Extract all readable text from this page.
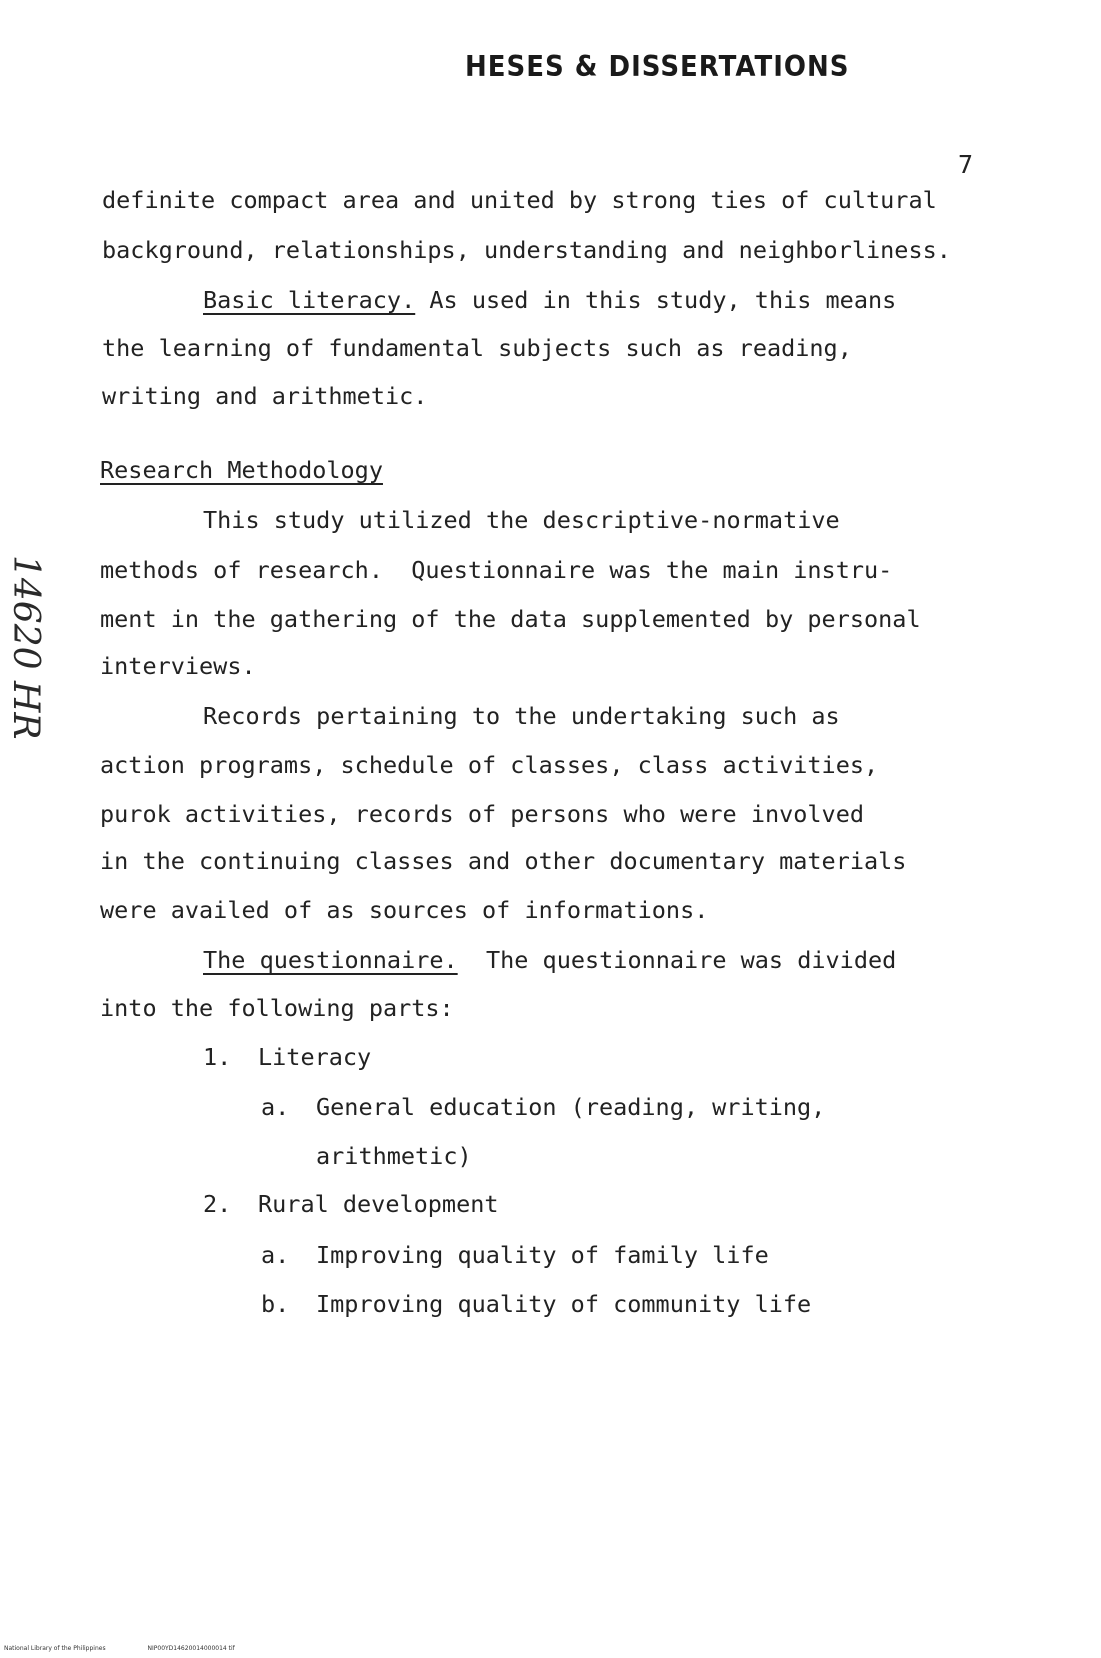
HESES & DISSERTATIONS
7
14620 HR
definite compact area and united by strong ties of cultural
background, relationships, understanding and neighborliness.
Basic literacy. As used in this study, this means
the learning of fundamental subjects such as reading,
writing and arithmetic.
Research Methodology
This study utilized the descriptive-normative
methods of research.  Questionnaire was the main instru-
ment in the gathering of the data supplemented by personal
interviews.
Records pertaining to the undertaking such as
action programs, schedule of classes, class activities,
purok activities, records of persons who were involved
in the continuing classes and other documentary materials
were availed of as sources of informations.
The questionnaire.  The questionnaire was divided
into the following parts:
1. Literacy
a. General education (reading, writing,
arithmetic)
2. Rural development
a. Improving quality of family life
b. Improving quality of community life
National Library of the Philippines	NIP00YD14620014000014 tif
